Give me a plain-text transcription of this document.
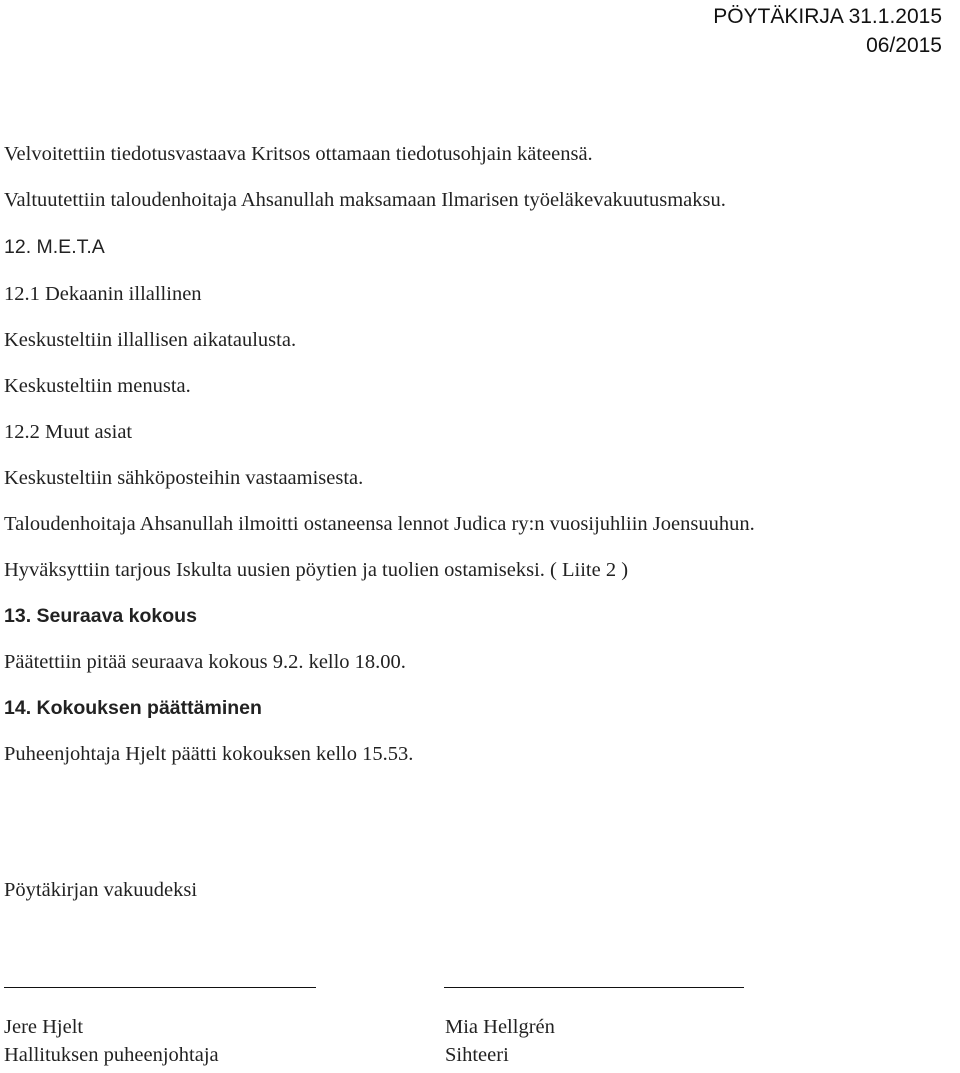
PÖYTÄKIRJA 31.1.2015
06/2015
Velvoitettiin tiedotusvastaava Kritsos ottamaan tiedotusohjain käteensä.
Valtuutettiin taloudenhoitaja Ahsanullah maksamaan Ilmarisen työeläkevakuutusmaksu.
12. M.E.T.A
12.1 Dekaanin illallinen
Keskusteltiin illallisen aikataulusta.
Keskusteltiin menusta.
12.2 Muut asiat
Keskusteltiin sähköposteihin vastaamisesta.
Taloudenhoitaja Ahsanullah ilmoitti ostaneensa lennot Judica ry:n vuosijuhliin Joensuuhun.
Hyväksyttiin tarjous Iskulta uusien pöytien ja tuolien ostamiseksi. ( Liite 2 )
13. Seuraava kokous
Päätettiin pitää seuraava kokous 9.2. kello 18.00.
14. Kokouksen päättäminen
Puheenjohtaja Hjelt päätti kokouksen kello 15.53.
Pöytäkirjan vakuudeksi
Jere Hjelt
Hallituksen puheenjohtaja
Mia Hellgrén
Sihteeri
